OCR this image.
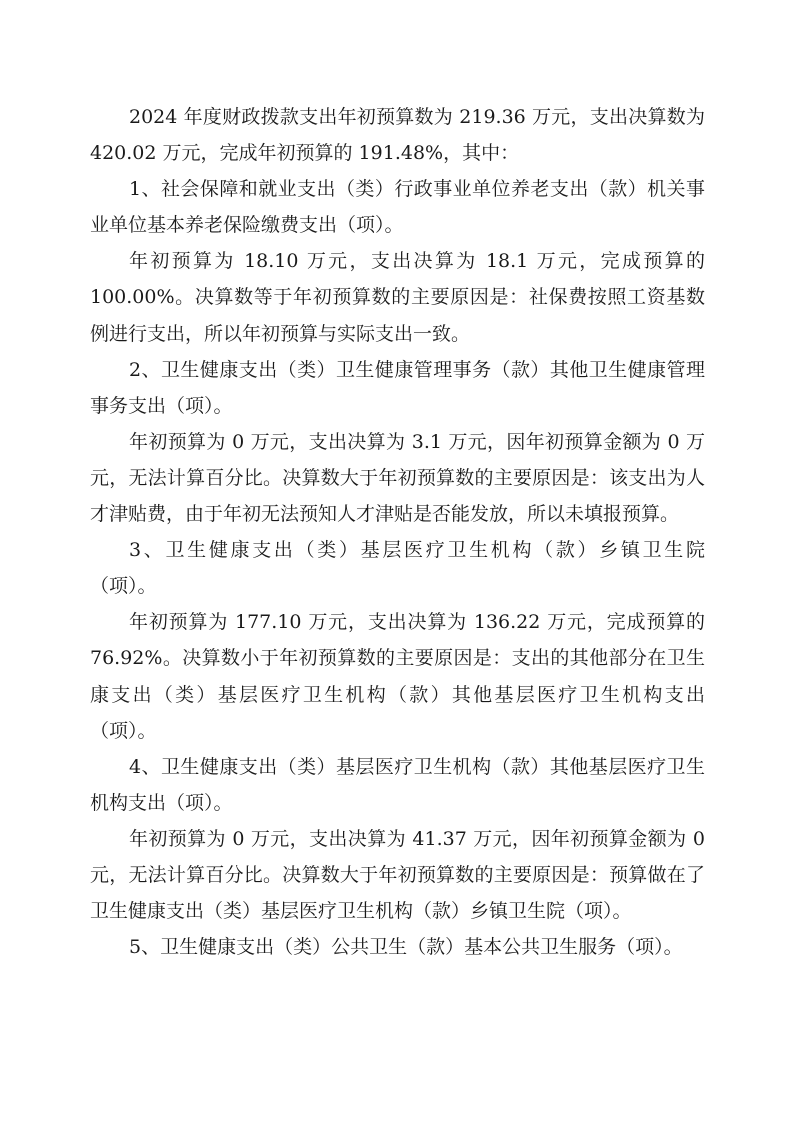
2024 年度财政拨款支出年初预算数为 219.36 万元，支出决算数为
420.02 万元，完成年初预算的 191.48%，其中：
1、社会保障和就业支出（类）行政事业单位养老支出（款）机关事
业单位基本养老保险缴费支出（项）。
年初预算为 18.10 万元，支出决算为 18.1 万元，完成预算的
100.00%。决算数等于年初预算数的主要原因是：社保费按照工资基数
例进行支出，所以年初预算与实际支出一致。
2、卫生健康支出（类）卫生健康管理事务（款）其他卫生健康管理
事务支出（项）。
年初预算为 0 万元，支出决算为 3.1 万元，因年初预算金额为 0 万
元，无法计算百分比。决算数大于年初预算数的主要原因是：该支出为人
才津贴费，由于年初无法预知人才津贴是否能发放，所以未填报预算。
3、卫生健康支出（类）基层医疗卫生机构（款）乡镇卫生院
（项）。
年初预算为 177.10 万元，支出决算为 136.22 万元，完成预算的
76.92%。决算数小于年初预算数的主要原因是：支出的其他部分在卫生
康支出（类）基层医疗卫生机构（款）其他基层医疗卫生机构支出
（项）。
4、卫生健康支出（类）基层医疗卫生机构（款）其他基层医疗卫生
机构支出（项）。
年初预算为 0 万元，支出决算为 41.37 万元，因年初预算金额为 0
元，无法计算百分比。决算数大于年初预算数的主要原因是：预算做在了
卫生健康支出（类）基层医疗卫生机构（款）乡镇卫生院（项）。
5、卫生健康支出（类）公共卫生（款）基本公共卫生服务（项）。
